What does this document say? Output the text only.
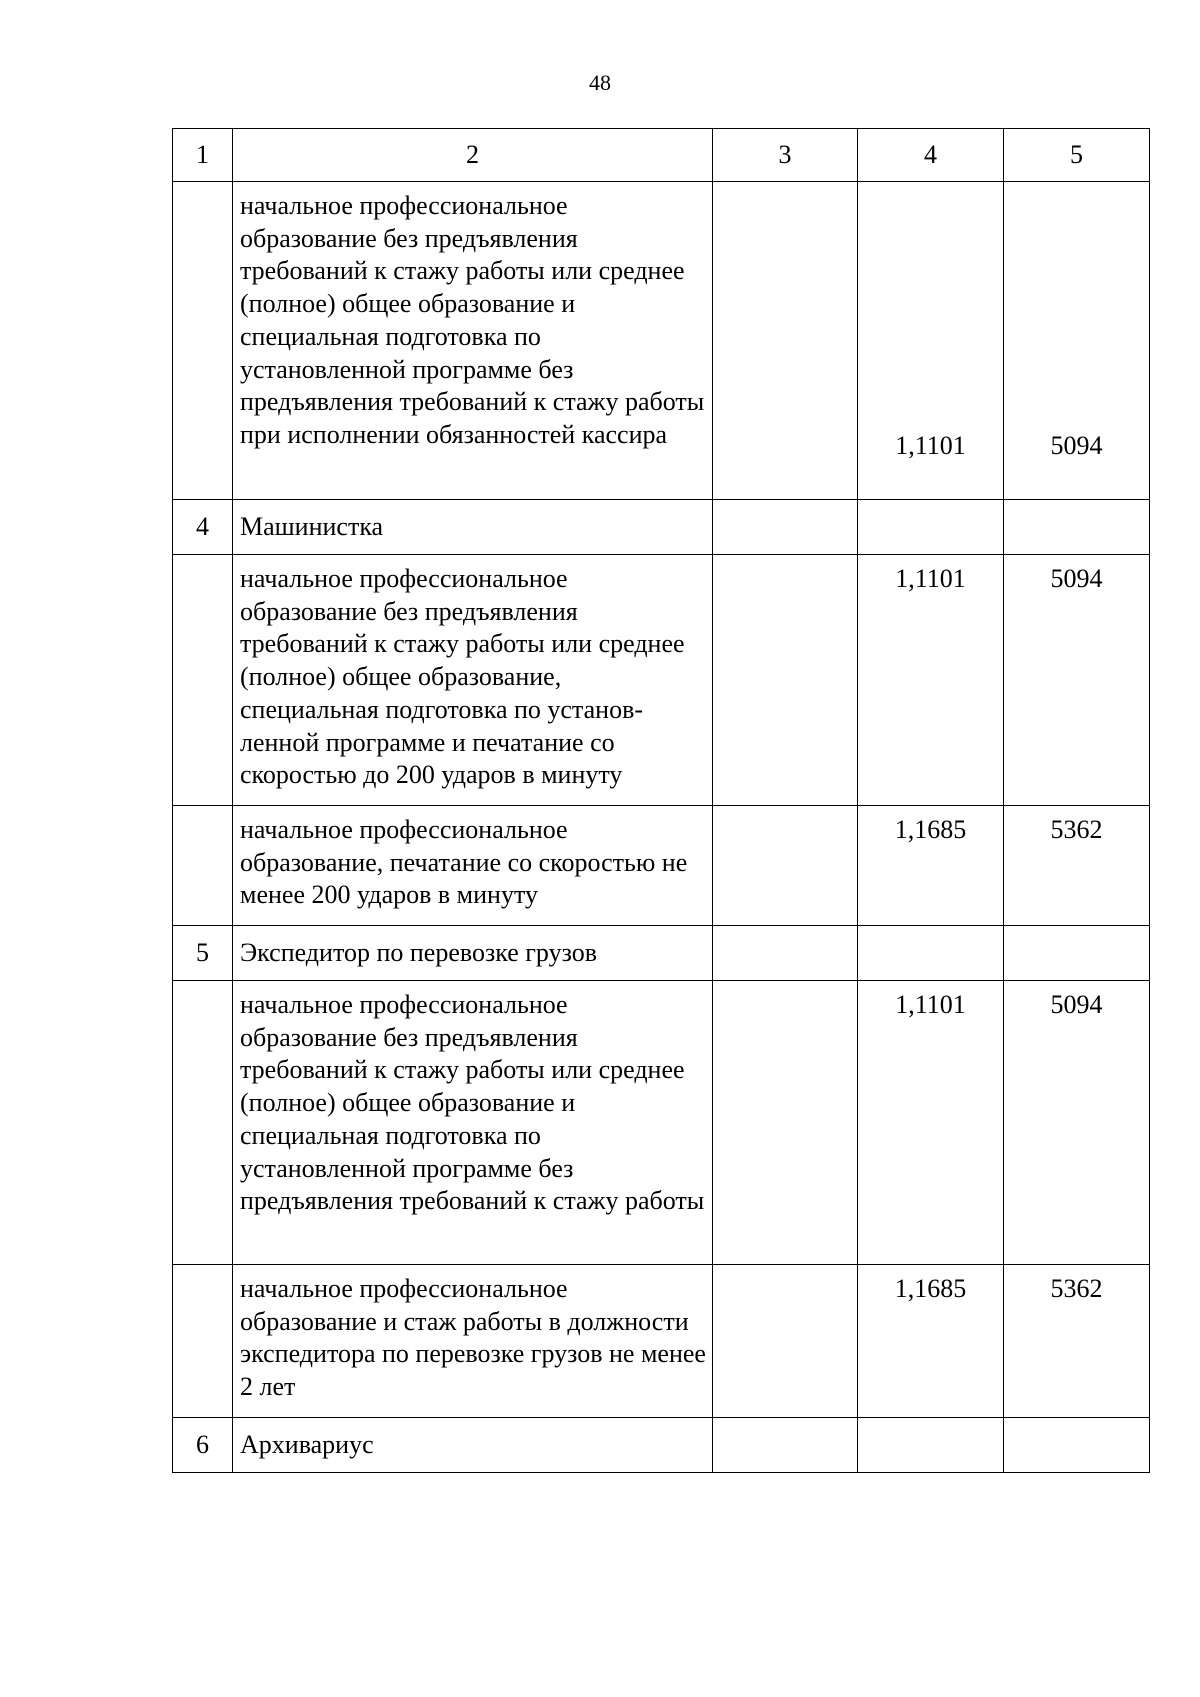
48
1	2	3	4	5
	начальное профессиональное образование без предъявления требований к стажу работы или среднее (полное) общее образование и специальная подготовка по установленной программе без предъявления требований к стажу работы при исполнении обязанностей кассира		1,1101	5094
4	Машинистка			
	начальное профессиональное образование без предъявления требований к стажу работы или среднее (полное) общее образование, специальная подготовка по установ-ленной программе и печатание со скоростью до 200 ударов в минуту		1,1101	5094
	начальное профессиональное образование, печатание со скоростью не менее 200 ударов в минуту		1,1685	5362
5	Экспедитор по перевозке грузов			
	начальное профессиональное образование без предъявления требований к стажу работы или среднее (полное) общее образование и специальная подготовка по установленной программе без предъявления требований к стажу работы		1,1101	5094
	начальное профессиональное образование и стаж работы в должности экспедитора по перевозке грузов не менее 2 лет		1,1685	5362
6	Архивариус			
